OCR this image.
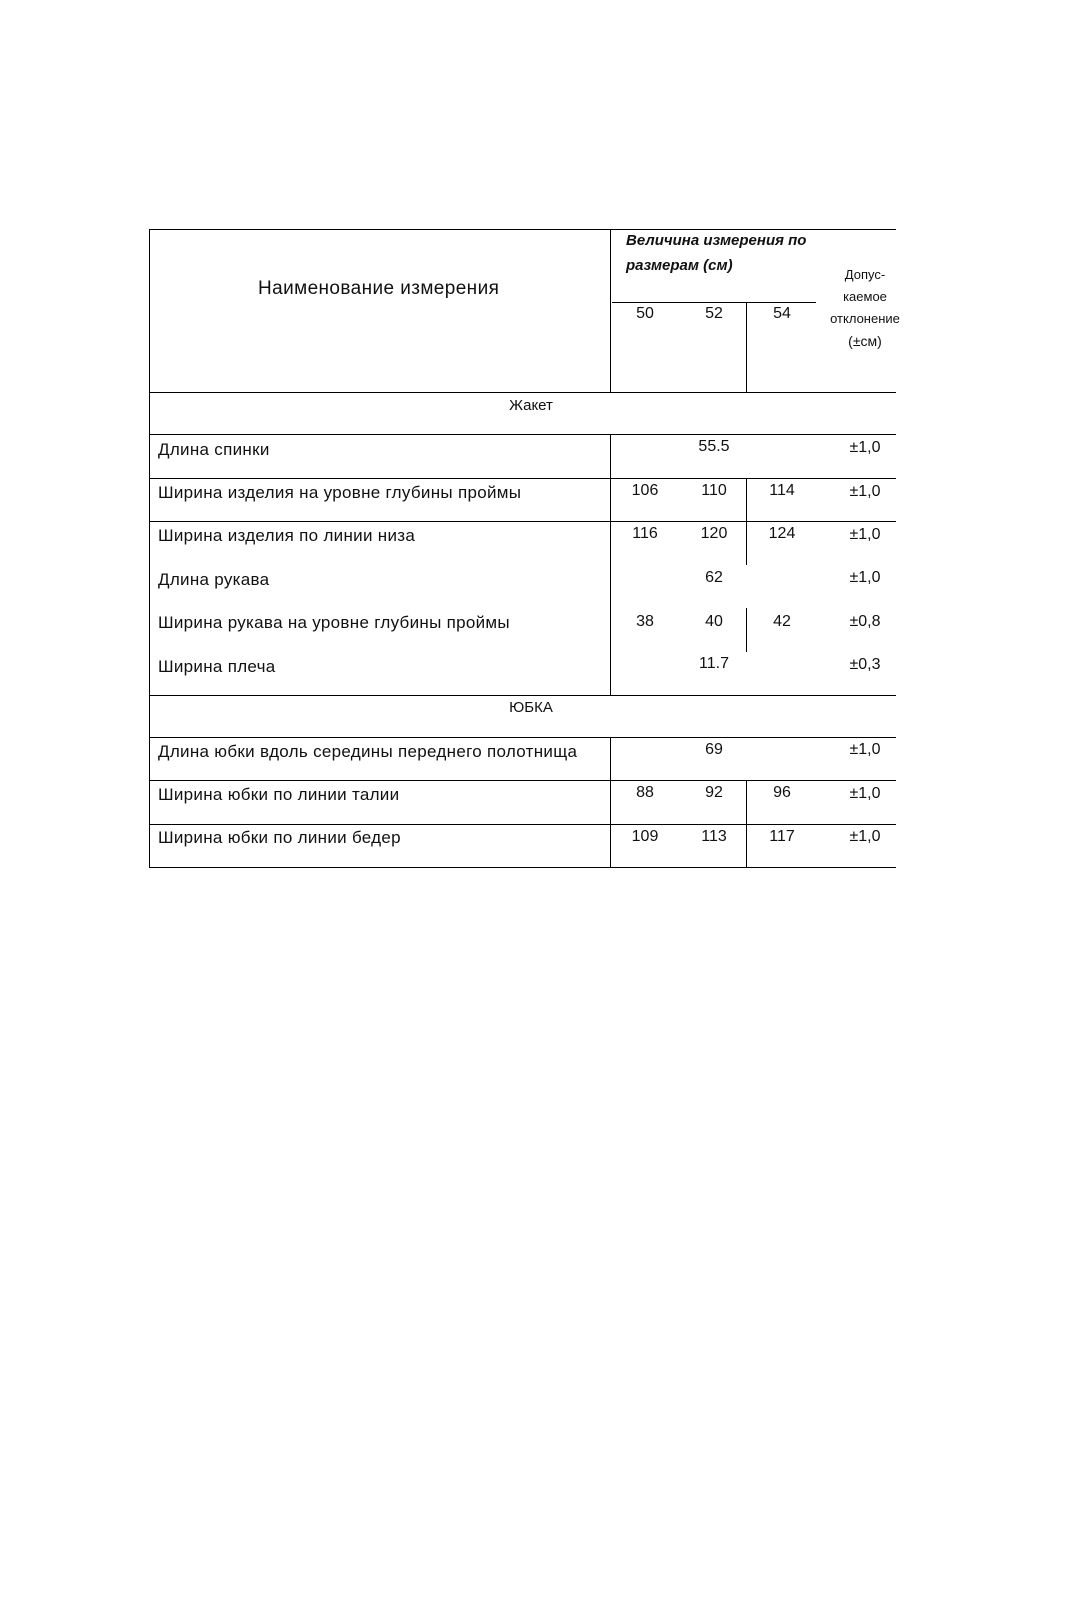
Наименование измерения
Величина измерения по
размерам (см)
50	52	54
Допус-
каемое
отклонение
(±см)
Жакет
Длина спинки	55.5	±1,0
Ширина изделия на уровне глубины проймы	106	110	114	±1,0
Ширина изделия по линии низа	116	120	124	±1,0
Длина рукава	62	±1,0
Ширина рукава на уровне глубины проймы	38	40	42	±0,8
Ширина плеча	11.7	±0,3
ЮБКА
Длина юбки вдоль середины переднего полотнища	69	±1,0
Ширина юбки по линии талии	88	92	96	±1,0
Ширина юбки по линии бедер	109	113	117	±1,0
